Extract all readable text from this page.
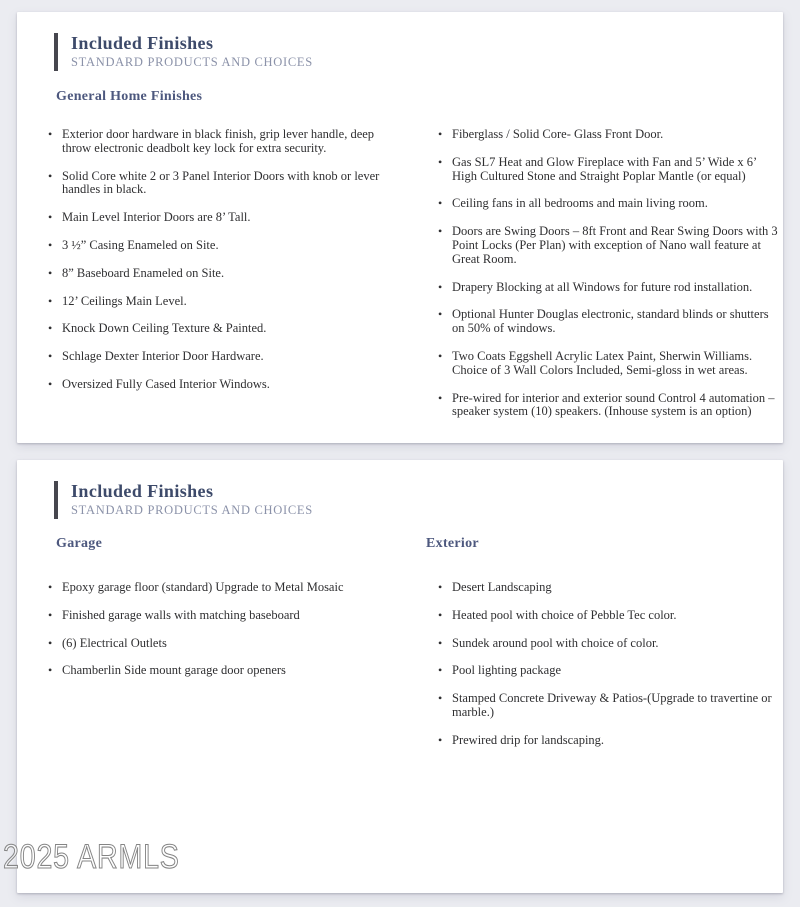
Included Finishes
STANDARD PRODUCTS AND CHOICES
General Home Finishes
• Exterior door hardware in black finish, grip lever handle, deep throw electronic deadbolt key lock for extra security.
• Solid Core white 2 or 3 Panel Interior Doors with knob or lever handles in black.
• Main Level Interior Doors are 8’ Tall.
• 3 ½” Casing Enameled on Site.
• 8” Baseboard Enameled on Site.
• 12’ Ceilings Main Level.
• Knock Down Ceiling Texture & Painted.
• Schlage Dexter Interior Door Hardware.
• Oversized Fully Cased Interior Windows.
• Fiberglass / Solid Core- Glass Front Door.
• Gas SL7 Heat and Glow Fireplace with Fan and 5’ Wide x 6’ High Cultured Stone and Straight Poplar Mantle (or equal)
• Ceiling fans in all bedrooms and main living room.
• Doors are Swing Doors – 8ft Front and Rear Swing Doors with 3 Point Locks (Per Plan) with exception of Nano wall feature at Great Room.
• Drapery Blocking at all Windows for future rod installation.
• Optional Hunter Douglas electronic, standard blinds or shutters on 50% of windows.
• Two Coats Eggshell Acrylic Latex Paint, Sherwin Williams. Choice of 3 Wall Colors Included, Semi-gloss in wet areas.
• Pre-wired for interior and exterior sound Control 4 automation – speaker system (10) speakers. (Inhouse system is an option)
Included Finishes
STANDARD PRODUCTS AND CHOICES
Garage	Exterior
• Epoxy garage floor (standard) Upgrade to Metal Mosaic
• Finished garage walls with matching baseboard
• (6) Electrical Outlets
• Chamberlin Side mount garage door openers
• Desert Landscaping
• Heated pool with choice of Pebble Tec color.
• Sundek around pool with choice of color.
• Pool lighting package
• Stamped Concrete Driveway & Patios-(Upgrade to travertine or marble.)
• Prewired drip for landscaping.
2025 ARMLS
